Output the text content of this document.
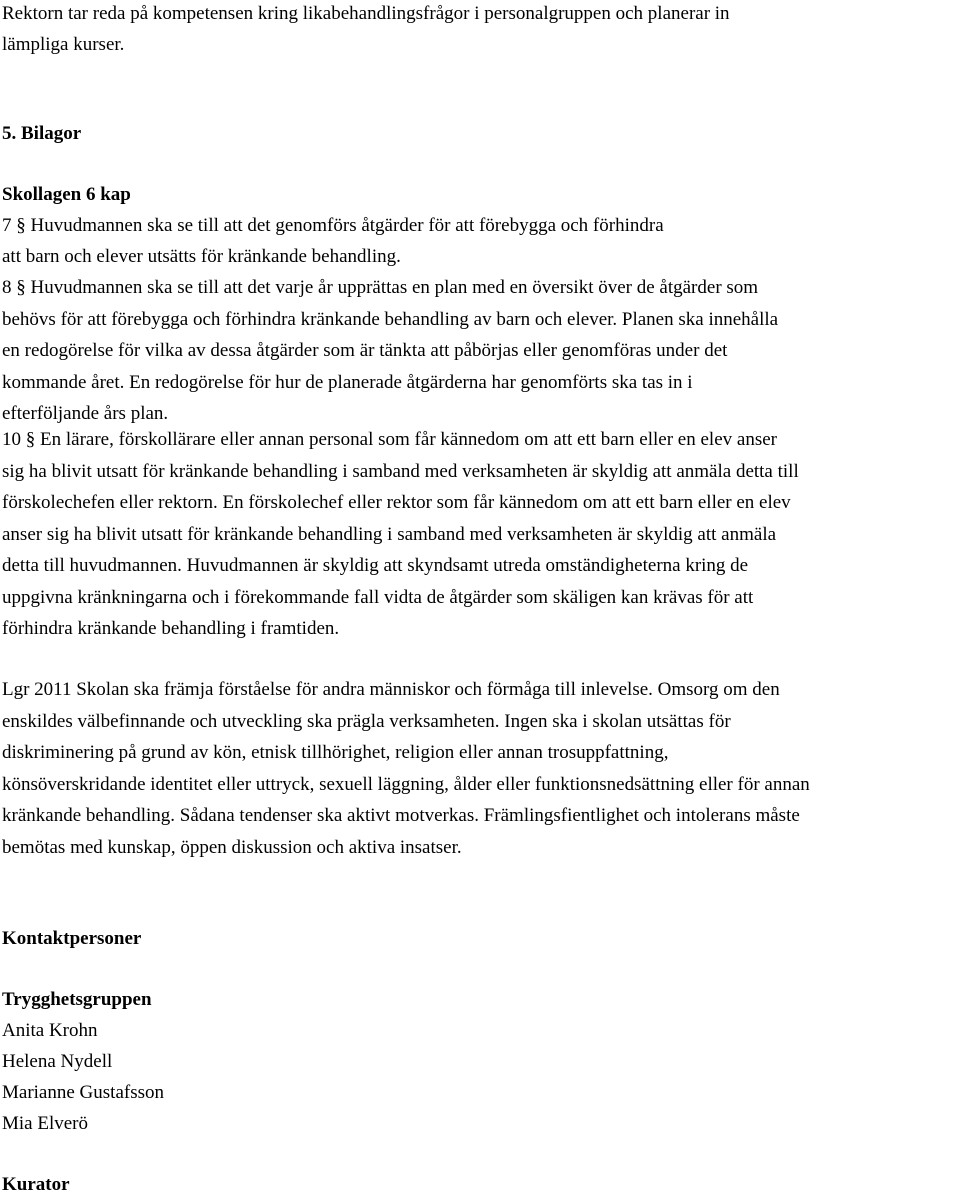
Rektorn tar reda på kompetensen kring likabehandlingsfrågor i personalgruppen och planerar in
lämpliga kurser.

5. Bilagor

Skollagen 6 kap

7 § Huvudmannen ska se till att det genomförs åtgärder för att förebygga och förhindra
att barn och elever utsätts för kränkande behandling.

8 § Huvudmannen ska se till att det varje år upprättas en plan med en översikt över de åtgärder som
behövs för att förebygga och förhindra kränkande behandling av barn och elever. Planen ska innehålla
en redogörelse för vilka av dessa åtgärder som är tänkta att påbörjas eller genomföras under det
kommande året. En redogörelse för hur de planerade åtgärderna har genomförts ska tas in i
efterföljande års plan.

10 § En lärare, förskollärare eller annan personal som får kännedom om att ett barn eller en elev anser
sig ha blivit utsatt för kränkande behandling i samband med verksamheten är skyldig att anmäla detta till
förskolechefen eller rektorn. En förskolechef eller rektor som får kännedom om att ett barn eller en elev
anser sig ha blivit utsatt för kränkande behandling i samband med verksamheten är skyldig att anmäla
detta till huvudmannen. Huvudmannen är skyldig att skyndsamt utreda omständigheterna kring de
uppgivna kränkningarna och i förekommande fall vidta de åtgärder som skäligen kan krävas för att
förhindra kränkande behandling i framtiden.

Lgr 2011 Skolan ska främja förståelse för andra människor och förmåga till inlevelse. Omsorg om den
enskildes välbefinnande och utveckling ska prägla verksamheten. Ingen ska i skolan utsättas för
diskriminering på grund av kön, etnisk tillhörighet, religion eller annan trosuppfattning,
könsöverskridande identitet eller uttryck, sexuell läggning, ålder eller funktionsnedsättning eller för annan
kränkande behandling. Sådana tendenser ska aktivt motverkas. Främlingsfientlighet och intolerans måste
bemötas med kunskap, öppen diskussion och aktiva insatser.

Kontaktpersoner

Trygghetsgruppen

Anita Krohn
Helena Nydell
Marianne Gustafsson
Mia Elverö

Kurator
